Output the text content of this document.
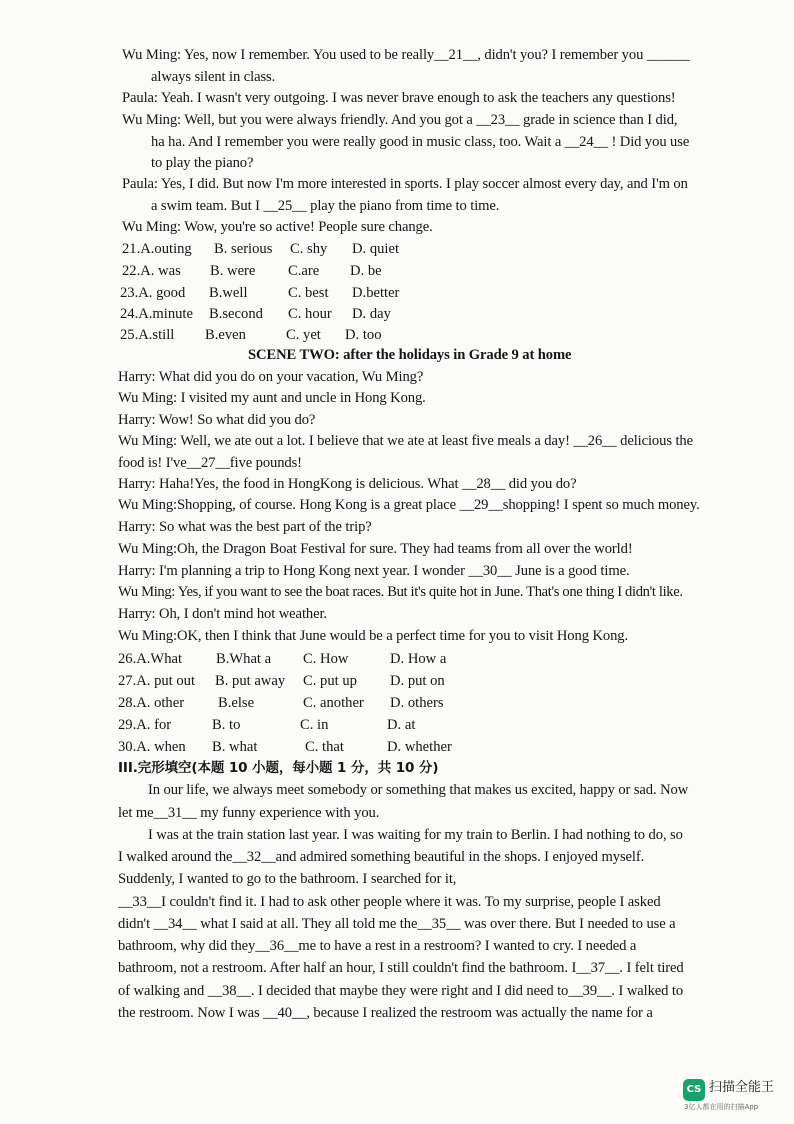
Wu Ming: Yes, now I remember. You used to be really__21__, didn't you? I remember you ______
always silent in class.
Paula: Yeah. I wasn't very outgoing. I was never brave enough to ask the teachers any questions!
Wu Ming: Well, but you were always friendly. And you got a __23__ grade in science than I did,
ha ha. And I remember you were really good in music class, too. Wait a __24__ ! Did you use
to play the piano?
Paula: Yes, I did. But now I'm more interested in sports. I play soccer almost every day, and I'm on
a swim team. But I __25__ play the piano from time to time.
Wu Ming: Wow, you're so active! People sure change.
21.A.outing B. serious C. shy D. quiet
22.A. was B. were C.are D. be
23.A. good B.well	C. best D.better
24.A.minute B.second C. hour D. day
25.A.still B.even	C. yet D. too
SCENE TWO: after the holidays in Grade 9 at home
Harry: What did you do on your vacation, Wu Ming?
Wu Ming: I visited my aunt and uncle in Hong Kong.
Harry: Wow! So what did you do?
Wu Ming: Well, we ate out a lot. I believe that we ate at least five meals a day! __26__ delicious the
food is! I've__27__five pounds!
Harry: Haha!Yes, the food in HongKong is delicious. What __28__ did you do?
Wu Ming:Shopping, of course. Hong Kong is a great place __29__shopping! I spent so much money.
Harry: So what was the best part of the trip?
Wu Ming:Oh, the Dragon Boat Festival for sure. They had teams from all over the world!
Harry: I'm planning a trip to Hong Kong next year. I wonder __30__ June is a good time.
Wu Ming: Yes, if you want to see the boat races. But it's quite hot in June. That's one thing I didn't like.
Harry: Oh, I don't mind hot weather.
Wu Ming:OK, then I think that June would be a perfect time for you to visit Hong Kong.
26.A.What B.What a C. How	D. How a
27.A. put out B. put away C. put up D. put on
28.A. other B.else	C. another D. others
29.A. for	B. to	C. in	D. at
30.A. when B. what	C. that	D. whether
III.完形填空(本题 10 小题，每小题 1 分，共 10 分)
In our life, we always meet somebody or something that makes us excited, happy or sad. Now
let me__31__ my funny experience with you.
I was at the train station last year. I was waiting for my train to Berlin. I had nothing to do, so
I walked around the__32__and admired something beautiful in the shops. I enjoyed myself.
Suddenly, I wanted to go to the bathroom. I searched for it,
__33__I couldn't find it. I had to ask other people where it was. To my surprise, people I asked
didn't __34__ what I said at all. They all told me the__35__ was over there. But I needed to use a
bathroom, why did they__36__me to have a rest in a restroom? I wanted to cry. I needed a
bathroom, not a restroom. After half an hour, I still couldn't find the bathroom. I__37__. I felt tired
of walking and __38__. I decided that maybe they were right and I did need to__39__. I walked to
the restroom. Now I was __40__, because I realized the restroom was actually the name for a
CS 扫描全能王
3亿人都在用的扫描App
